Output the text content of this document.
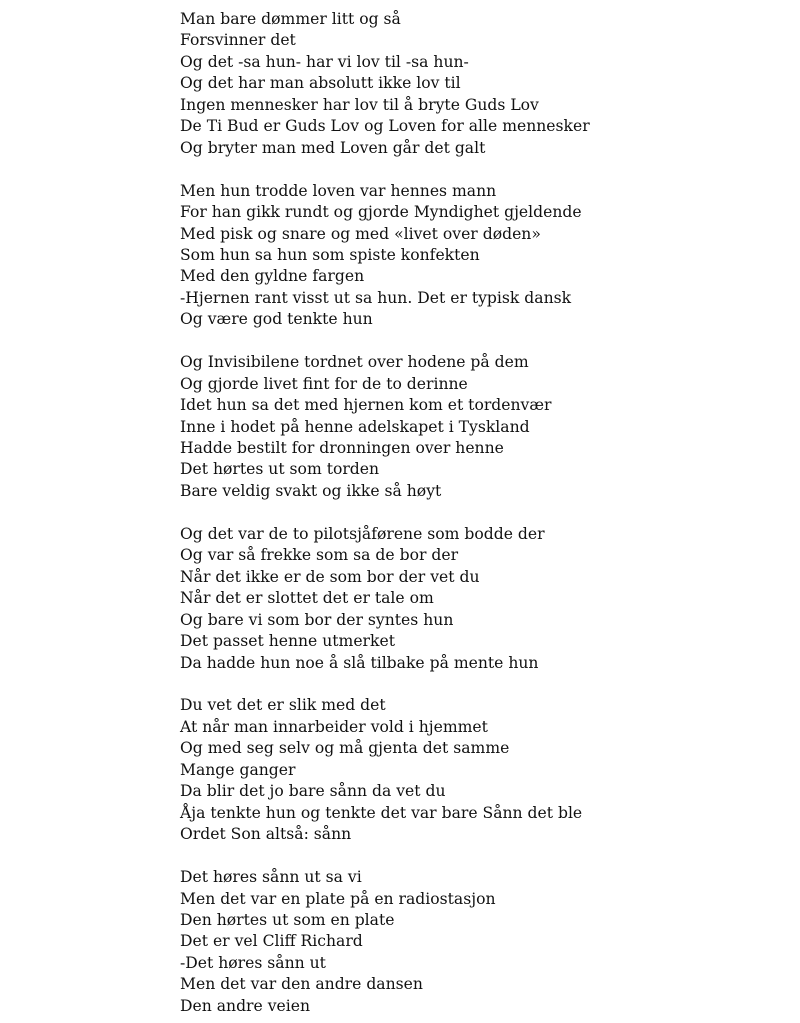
Man bare dømmer litt og så
Forsvinner det
Og det -sa hun- har vi lov til -sa hun-
Og det har man absolutt ikke lov til
Ingen mennesker har lov til å bryte Guds Lov
De Ti Bud er Guds Lov og Loven for alle mennesker
Og bryter man med Loven går det galt
Men hun trodde loven var hennes mann
For han gikk rundt og gjorde Myndighet gjeldende
Med pisk og snare og med «livet over døden»
Som hun sa hun som spiste konfekten
Med den gyldne fargen
-Hjernen rant visst ut sa hun. Det er typisk dansk
Og være god tenkte hun
Og Invisibilene tordnet over hodene på dem
Og gjorde livet fint for de to derinne
Idet hun sa det med hjernen kom et tordenvær
Inne i hodet på henne adelskapet i Tyskland
Hadde bestilt for dronningen over henne
Det hørtes ut som torden
Bare veldig svakt og ikke så høyt
Og det var de to pilotsjåførene som bodde der
Og var så frekke som sa de bor der
Når det ikke er de som bor der vet du
Når det er slottet det er tale om
Og bare vi som bor der syntes hun
Det passet henne utmerket
Da hadde hun noe å slå tilbake på mente hun
Du vet det er slik med det
At når man innarbeider vold i hjemmet
Og med seg selv og må gjenta det samme
Mange ganger
Da blir det jo bare sånn da vet du
Åja tenkte hun og tenkte det var bare Sånn det ble
Ordet Son altså: sånn
Det høres sånn ut sa vi
Men det var en plate på en radiostasjon
Den hørtes ut som en plate
Det er vel Cliff Richard
-Det høres sånn ut
Men det var den andre dansen
Den andre veien
